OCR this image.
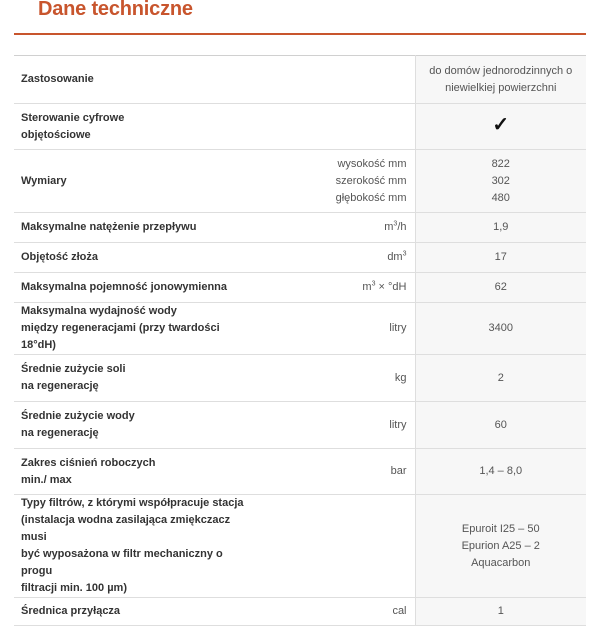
Dane techniczne
Zastosowanie		do domów jednorodzinnych o
niewielkiej powierzchni

Sterowanie cyfrowe
objętościowe		✓
Wymiary	wysokość mm
szerokość mm
głębokość mm	822
302
480

Maksymalne natężenie przepływu	$m^3/h$	1,9
Objętość złoża	$dm^3$	17
Maksymalna pojemność jonowymienna	$m^3 \times ^\circ dH$	62

Maksymalna wydajność wody
między regeneracjami (przy twardości 18°dH)	litry	3400

Średnie zużycie soli
na regenerację	kg	2

Średnie zużycie wody
na regenerację	litry	60

Zakres ciśnień roboczych
min./ max	bar	1,4 – 8,0

Typy filtrów, z którymi współpracuje stacja
(instalacja wodna zasilająca zmiękczacz musi
być wyposażona w filtr mechaniczny o progu
filtracji min. 100 µm)		Epuroit I25 – 50
Epurion A25 – 2
Aquacarbon

Średnica przyłącza	cal	1
